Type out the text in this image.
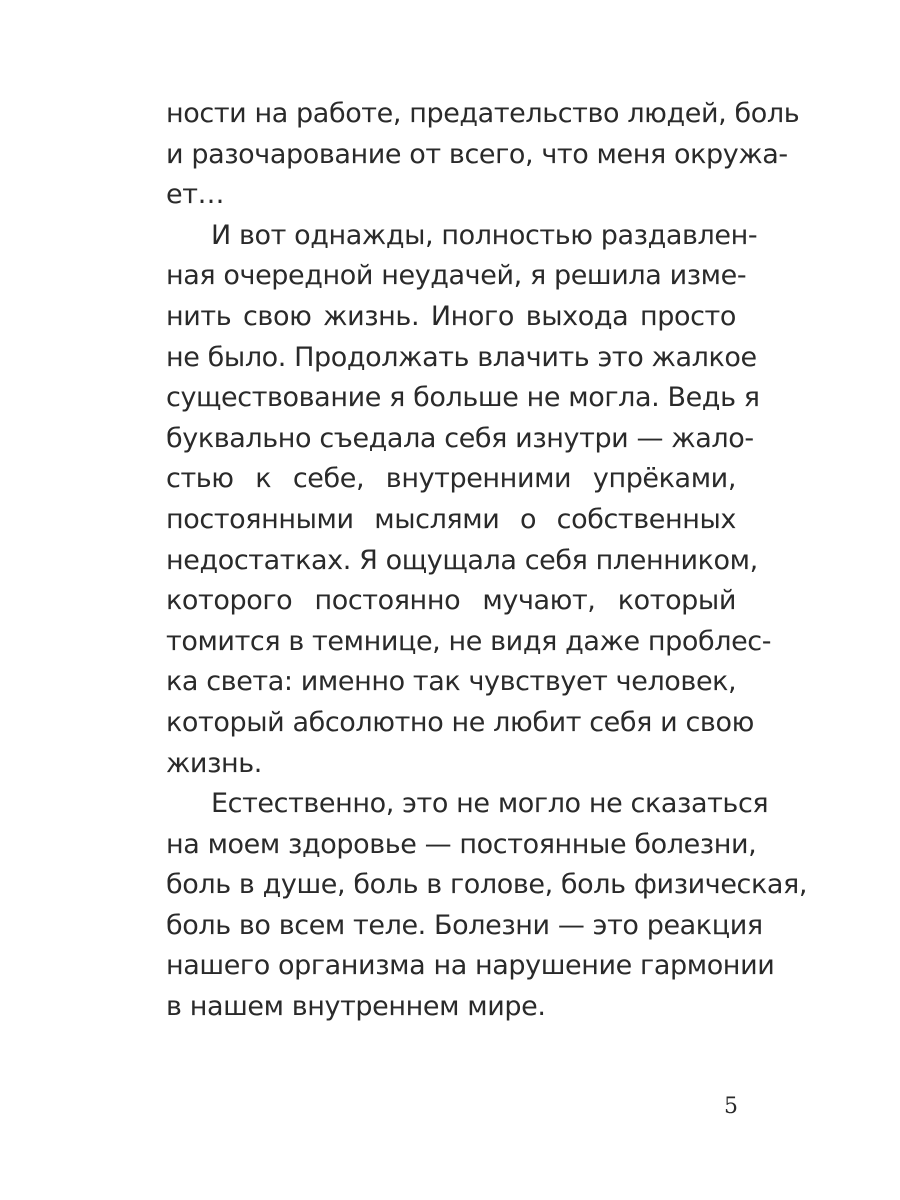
ности на работе, предательство людей, боль
и разочарование от всего, что меня окружа-
ет…
И вот однажды, полностью раздавлен-
ная очередной неудачей, я решила изме-
нить свою жизнь. Иного выхода просто
не было. Продолжать влачить это жалкое
существование я больше не могла. Ведь я
буквально съедала себя изнутри — жало-
стью к себе, внутренними упрёками,
постоянными мыслями о собственных
недостатках. Я ощущала себя пленником,
которого постоянно мучают, который
томится в темнице, не видя даже проблес-
ка света: именно так чувствует человек,
который абсолютно не любит себя и свою
жизнь.
Естественно, это не могло не сказаться
на моем здоровье — постоянные болезни,
боль в душе, боль в голове, боль физическая,
боль во всем теле. Болезни — это реакция
нашего организма на нарушение гармонии
в нашем внутреннем мире.
5
